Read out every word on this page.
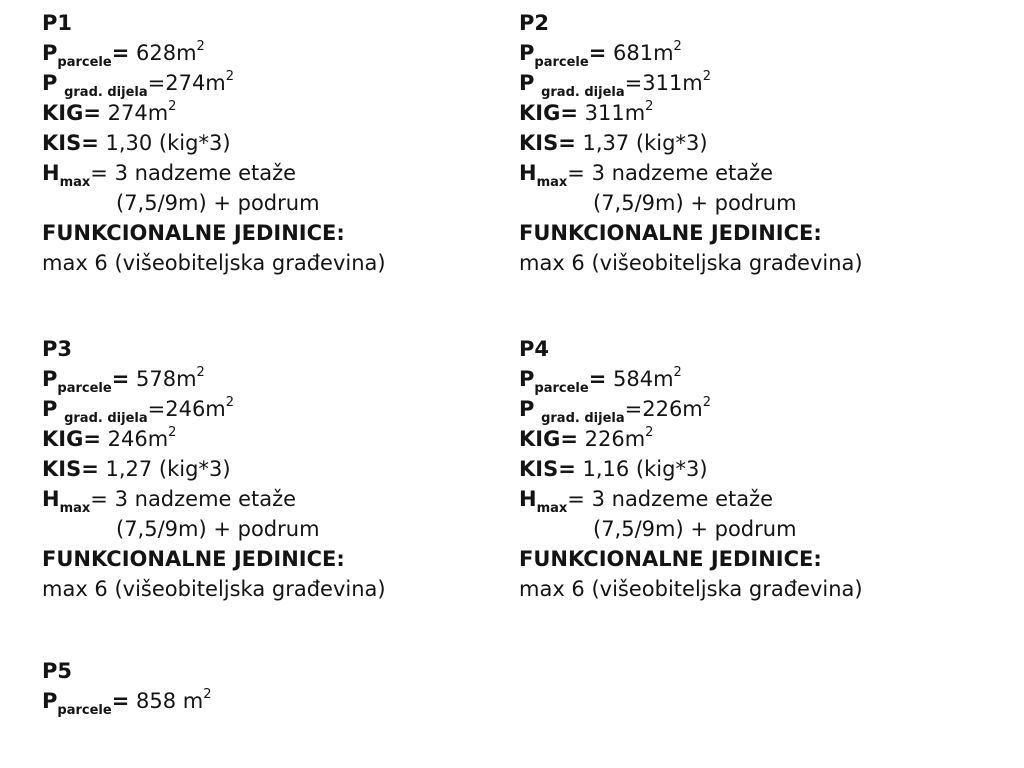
P1
$P_{parcele}= 628m^2$
P $_{grad. dijela}=274m^2$
$KIG= 274m^2$
KIS= 1,30 (kig*3)
$H_{max}= 3$ nadzeme etaže
(7,5/9m) + podrum
FUNKCIONALNE JEDINICE:
max 6 (višeobiteljska građevina)
P2
$P_{parcele}= 681m^2$
P $_{grad. dijela}=311m^2$
$KIG= 311m^2$
KIS= 1,37 (kig*3)
$H_{max}= 3$ nadzeme etaže
(7,5/9m) + podrum
FUNKCIONALNE JEDINICE:
max 6 (višeobiteljska građevina)
P3
$P_{parcele}= 578m^2$
P $_{grad. dijela}=246m^2$
$KIG= 246m^2$
KIS= 1,27 (kig*3)
$H_{max}= 3$ nadzeme etaže
(7,5/9m) + podrum
FUNKCIONALNE JEDINICE:
max 6 (višeobiteljska građevina)
P4
$P_{parcele}= 584m^2$
P $_{grad. dijela}=226m^2$
$KIG= 226m^2$
KIS= 1,16 (kig*3)
$H_{max}= 3$ nadzeme etaže
(7,5/9m) + podrum
FUNKCIONALNE JEDINICE:
max 6 (višeobiteljska građevina)
P5
$P_{parcele}= 858$ $m^2$
